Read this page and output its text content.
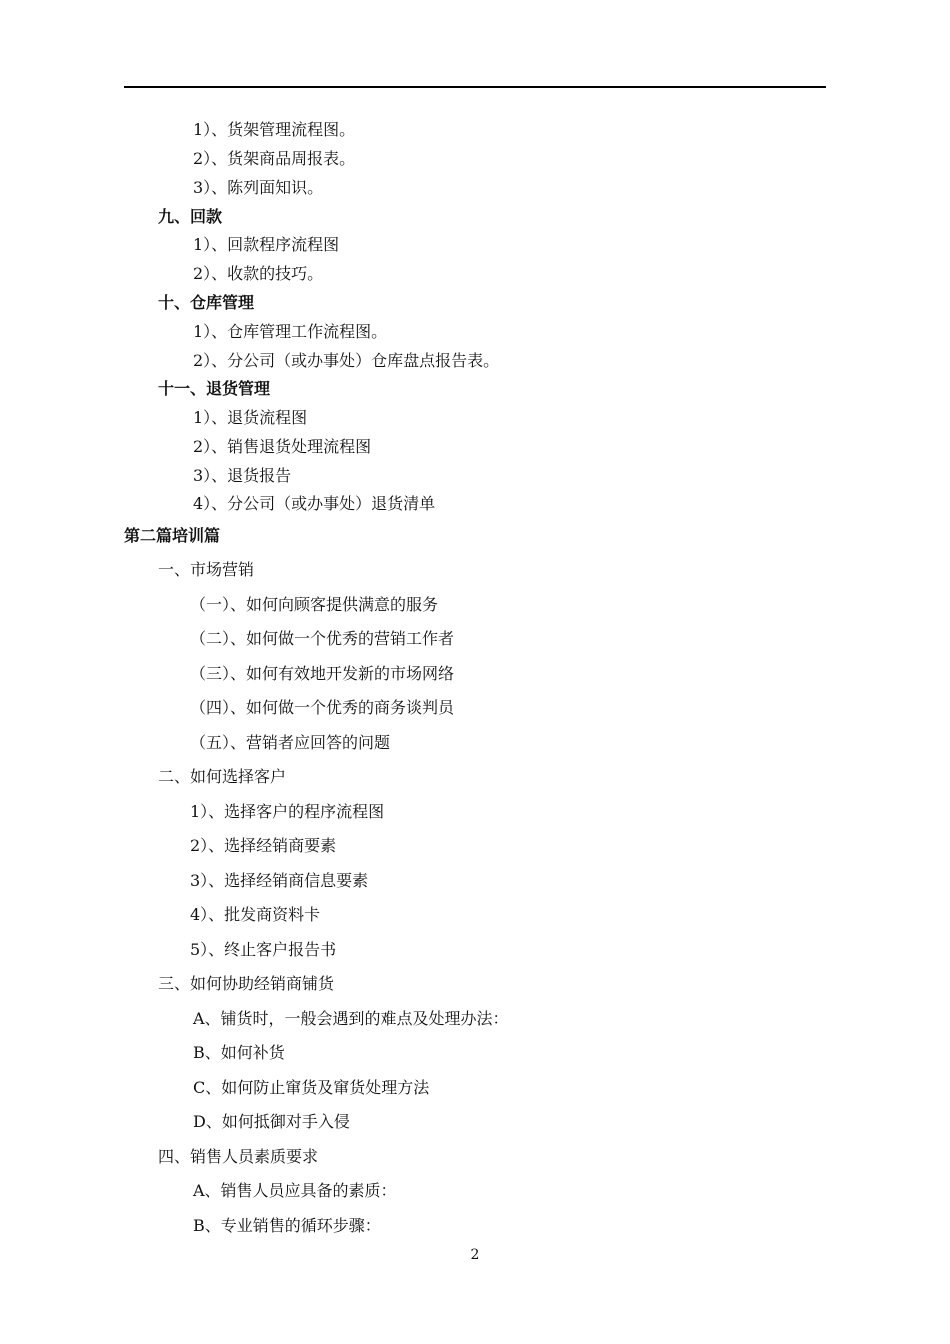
1）、货架管理流程图。
2）、货架商品周报表。
3）、陈列面知识。
九、回款
1）、回款程序流程图
2）、收款的技巧。
十、仓库管理
1）、仓库管理工作流程图。
2）、分公司（或办事处）仓库盘点报告表。
十一、退货管理
1）、退货流程图
2）、销售退货处理流程图
3）、退货报告
4）、分公司（或办事处）退货清单
第二篇培训篇
一、市场营销
（一）、如何向顾客提供满意的服务
（二）、如何做一个优秀的营销工作者
（三）、如何有效地开发新的市场网络
（四）、如何做一个优秀的商务谈判员
（五）、营销者应回答的问题
二、如何选择客户
1）、选择客户的程序流程图
2）、选择经销商要素
3）、选择经销商信息要素
4）、批发商资料卡
5）、终止客户报告书
三、如何协助经销商铺货
A、铺货时，一般会遇到的难点及处理办法：
B、如何补货
C、如何防止窜货及窜货处理方法
D、如何抵御对手入侵
四、销售人员素质要求
A、销售人员应具备的素质：
B、专业销售的循环步骤：
2
